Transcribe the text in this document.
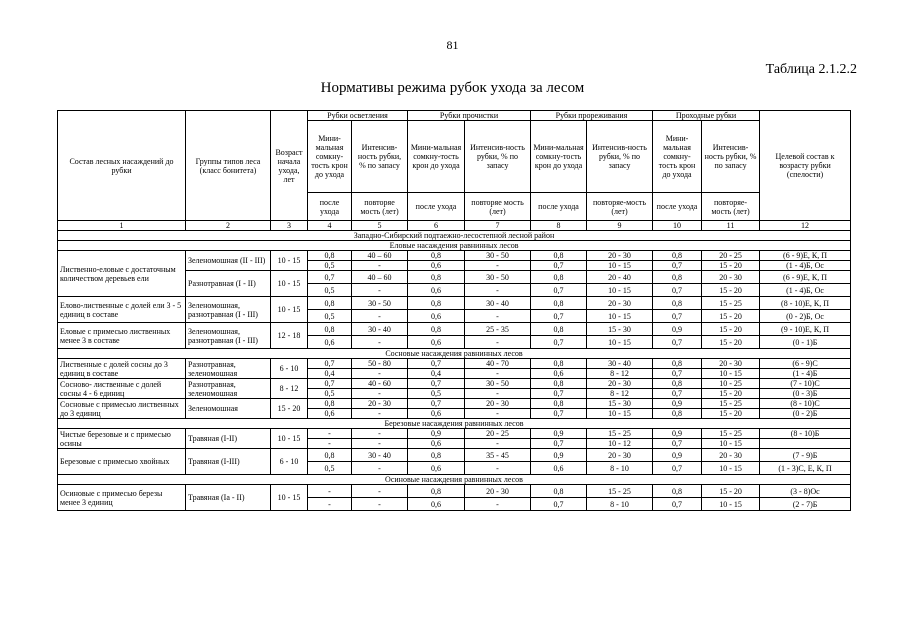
81
Таблица 2.1.2.2
Нормативы режима рубок ухода за лесом
Состав лесных насаждений до рубки	Группы типов леса (класс бонитета)	Возраст начала ухода, лет	Рубки осветления		Рубки прочистки		Рубки прореживания		Проходные рубки		Целевой состав к возрасту рубки (спелости)
			Мини-мальная сомкну-тость крон до ухода	Интенсив-ность рубки, % по запасу	Мини-мальная сомкну-тость крон до ухода	Интенсив-ность рубки, % по запасу	Мини-мальная сомкну-тость крон до ухода	Интенсив-ность рубки, % по запасу	Мини-мальная сомкну-тость крон до ухода	Интенсив-ность рубки, % по запасу	
			после ухода	повторяе мость (лет)	после ухода	повторяе мость (лет)	после ухода	повторяе-мость (лет)	после ухода	повторяе-мость (лет)	
1	2	3	4	5	6	7	8	9	10	11	12
Западно-Сибирский подтаежно-лесостепной лесной район											
Еловые насаждения равнинных лесов											
Лиственно-еловые с достаточным количеством деревьев ели	Зеленомошная (II - III)	10 - 15	0,8	40 – 60	0,8	30 - 50	0,8	20 - 30	0,8	20 - 25	(6 - 9)Е, К, П
			0,5	-	0,6	-	0,7	10 - 15	0,7	15 - 20	(1 - 4)Б, Ос
	Разнотравная (I - II)	10 - 15	0,7	40 – 60	0,8	30 - 50	0,8	20 - 40	0,8	20 - 30	(6 - 9)Е, К, П
			0,5	-	0,6	-	0,7	10 - 15	0,7	15 - 20	(1 - 4)Б, Ос
Елово-лиственные с долей ели 3 - 5 единиц в составе	Зеленомошная, разнотравная (I - III)	10 - 15	0,8	30 - 50	0,8	30 - 40	0,8	20 - 30	0,8	15 - 25	(8 - 10)Е, К, П
			0,5	-	0,6	-	0,7	10 - 15	0,7	15 - 20	(0 - 2)Б, Ос
Еловые с примесью лиственных менее 3 в составе	Зеленомошная, разнотравная (I - III)	12 - 18	0,8	30 - 40	0,8	25 - 35	0,8	15 - 30	0,9	15 - 20	(9 - 10)Е, К, П
			0,6	-	0,6	-	0,7	10 - 15	0,7	15 - 20	(0 - 1)Б
Сосновые насаждения равнинных лесов											
Лиственные с долей сосны до 3 единиц в составе	Разнотравная, зеленомошная	6 - 10	0,7	50 - 80	0,7	40 - 70	0,8	30 - 40	0,8	20 - 30	(6 - 9)С
			0,4	-	0,4	-	0,6	8 - 12	0,7	10 - 15	(1 - 4)Б
Сосново- лиственные с долей сосны 4 - 6 единиц	Разнотравная, зеленомошная	8 - 12	0,7	40 - 60	0,7	30 - 50	0,8	20 - 30	0,8	10 - 25	(7 - 10)С
			0,5	-	0,5	-	0,7	8 - 12	0,7	15 - 20	(0 - 3)Б
Сосновые с примесью лиственных до 3 единиц	Зеленомошная	15 - 20	0,8	20 - 30	0,7	20 - 30	0,8	15 - 30	0,9	15 - 25	(8 - 10)С
			0,6	-	0,6	-	0,7	10 - 15	0,8	15 - 20	(0 - 2)Б
Березовые насаждения равнинных лесов											
Чистые березовые и с примесью осины	Травяная (I-II)	10 - 15	-	-	0,9	20 - 25	0,9	15 - 25	0,9	15 - 25	(8 - 10)Б
			-	-	0,6	-	0,7	10 - 12	0,7	10 - 15	
Березовые с примесью хвойных	Травяная (I-III)	6 - 10	0,8	30 - 40	0,8	35 - 45	0,9	20 - 30	0,9	20 - 30	(7 - 9)Б
			0,5	-	0,6	-	0,6	8 - 10	0,7	10 - 15	(1 - 3)С, Е, К, П
Осиновые насаждения равнинных лесов											
Осиновые с примесью березы менее 3 единиц	Травяная (Iа - II)	10 - 15	-	-	0,8	20 - 30	0,8	15 - 25	0,8	15 - 20	(3 - 8)Ос
			-	-	0,6	-	0,7	8 - 10	0,7	10 - 15	(2 - 7)Б
